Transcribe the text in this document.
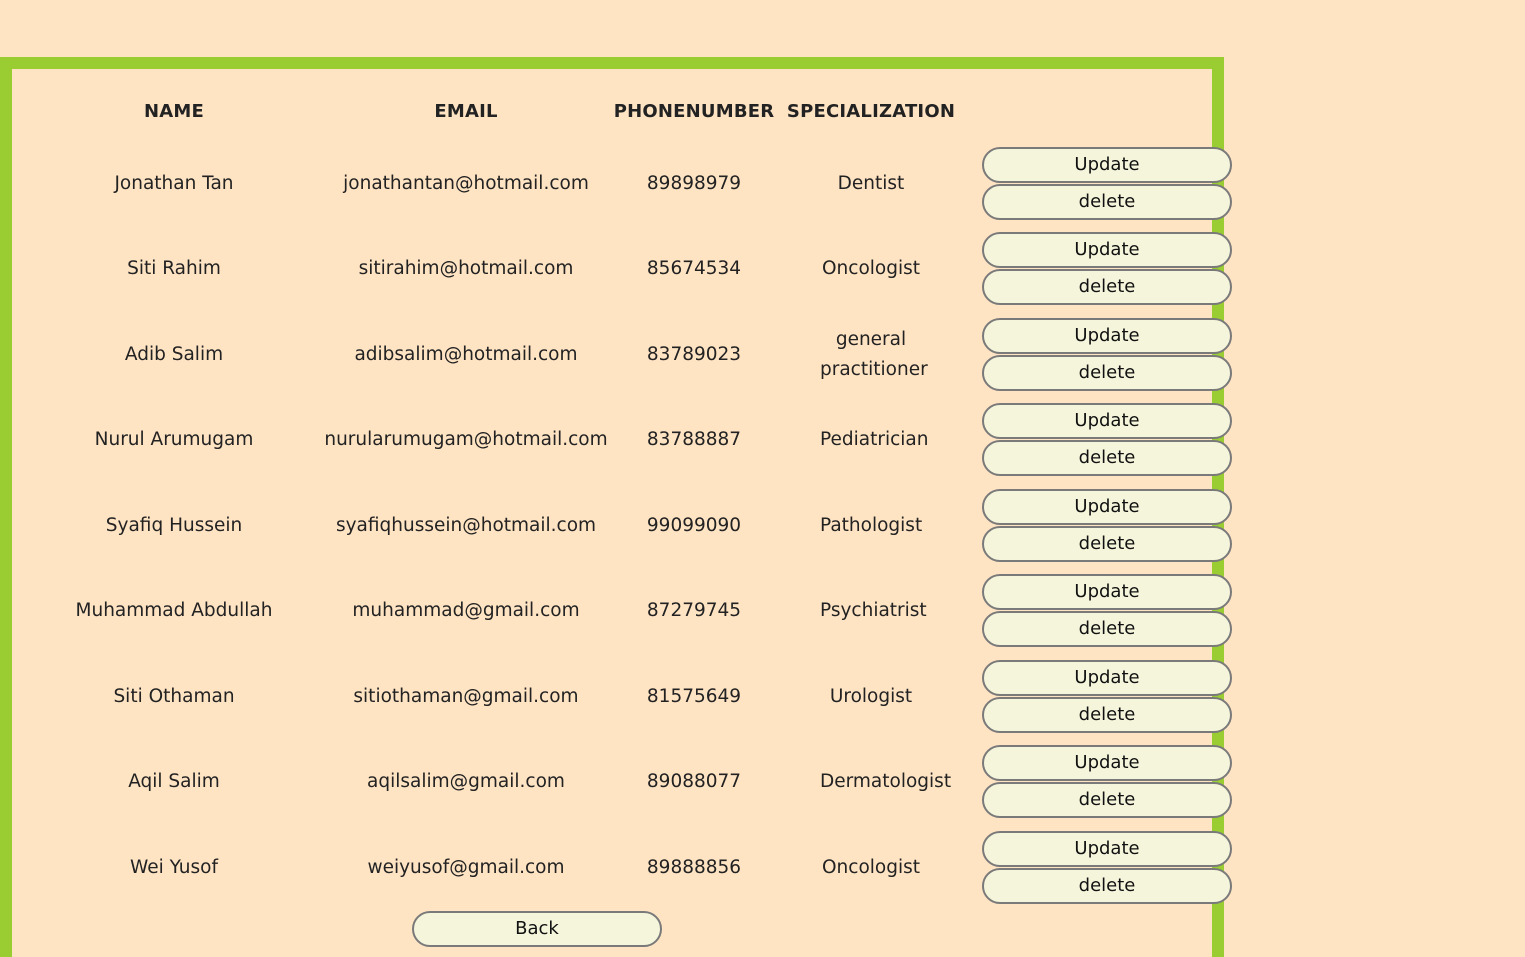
NAME	EMAIL	PHONENUMBER	SPECIALIZATION	
Jonathan Tan	jonathantan@hotmail.com	89898979	Dentist	Update
delete

Siti Rahim	sitirahim@hotmail.com	85674534	Oncologist	Update
delete

Adib Salim	adibsalim@hotmail.com	83789023	general practitioner	Update
delete

Nurul Arumugam	nurularumugam@hotmail.com	83788887	Pediatrician	Update
delete

Syafiq Hussein	syafiqhussein@hotmail.com	99099090	Pathologist	Update
delete

Muhammad Abdullah	muhammad@gmail.com	87279745	Psychiatrist	Update
delete

Siti Othaman	sitiothaman@gmail.com	81575649	Urologist	Update
delete

Aqil Salim	aqilsalim@gmail.com	89088077	Dermatologist	Update
delete

Wei Yusof	weiyusof@gmail.com	89888856	Oncologist	Update
delete
Back
